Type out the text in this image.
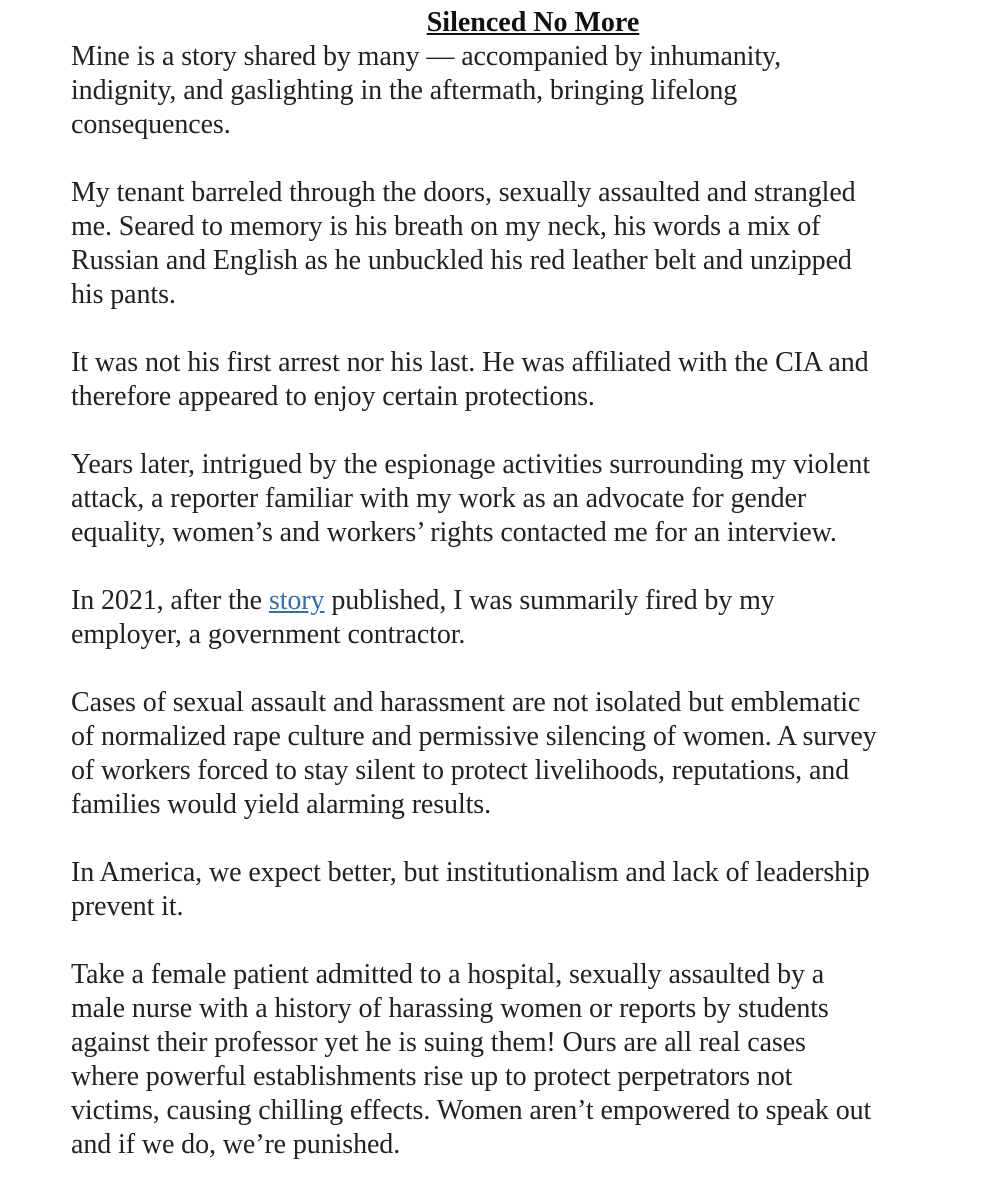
Silenced No More

Mine is a story shared by many — accompanied by inhumanity,
indignity, and gaslighting in the aftermath, bringing lifelong
consequences.

My tenant barreled through the doors, sexually assaulted and strangled
me. Seared to memory is his breath on my neck, his words a mix of
Russian and English as he unbuckled his red leather belt and unzipped
his pants.

It was not his first arrest nor his last. He was affiliated with the CIA and
therefore appeared to enjoy certain protections.

Years later, intrigued by the espionage activities surrounding my violent
attack, a reporter familiar with my work as an advocate for gender
equality, women’s and workers’ rights contacted me for an interview.

In 2021, after the story published, I was summarily fired by my
employer, a government contractor.

Cases of sexual assault and harassment are not isolated but emblematic
of normalized rape culture and permissive silencing of women. A survey
of workers forced to stay silent to protect livelihoods, reputations, and
families would yield alarming results.

In America, we expect better, but institutionalism and lack of leadership
prevent it.

Take a female patient admitted to a hospital, sexually assaulted by a
male nurse with a history of harassing women or reports by students
against their professor yet he is suing them! Ours are all real cases
where powerful establishments rise up to protect perpetrators not
victims, causing chilling effects. Women aren’t empowered to speak out
and if we do, we’re punished.
